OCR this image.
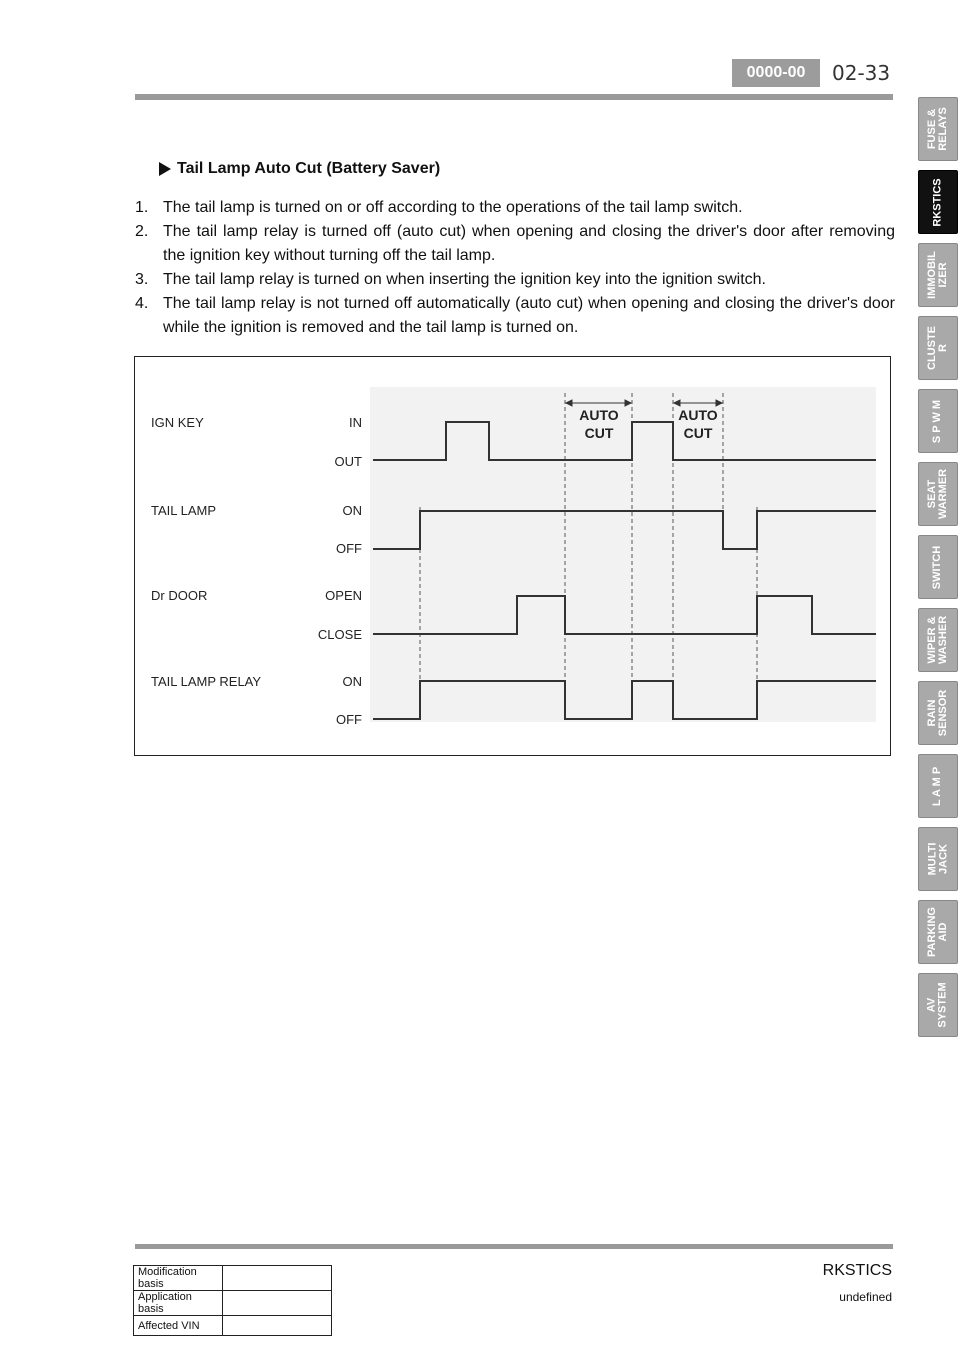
0000-00	02-33
Tail Lamp Auto Cut (Battery Saver)
1. The tail lamp is turned on or off according to the operations of the tail lamp switch.
2. The tail lamp relay is turned off (auto cut) when opening and closing the driver's door after removing the ignition key without turning off the tail lamp.
3. The tail lamp relay is turned on when inserting the ignition key into the ignition switch.
4. The tail lamp relay is not turned off automatically (auto cut) when opening and closing the driver's door while the ignition is removed and the tail lamp is turned on.
IGN KEY
TAIL LAMP
Dr DOOR
TAIL LAMP RELAY
IN
OUT
ON
OFF
OPEN
CLOSE
ON
OFF
AUTO
CUT
AUTO
CUT
FUSE &
RELAYS
RKSTICS
IMMOBIL
IZER
CLUSTE
R
S P W M
SEAT
WARMER
SWITCH
WIPER &
WASHER
RAIN
SENSOR
L A M P
MULTI
JACK
PARKING
AID
AV
SYSTEM
Modification basis	
Application basis	
Affected VIN	
RKSTICS
undefined
